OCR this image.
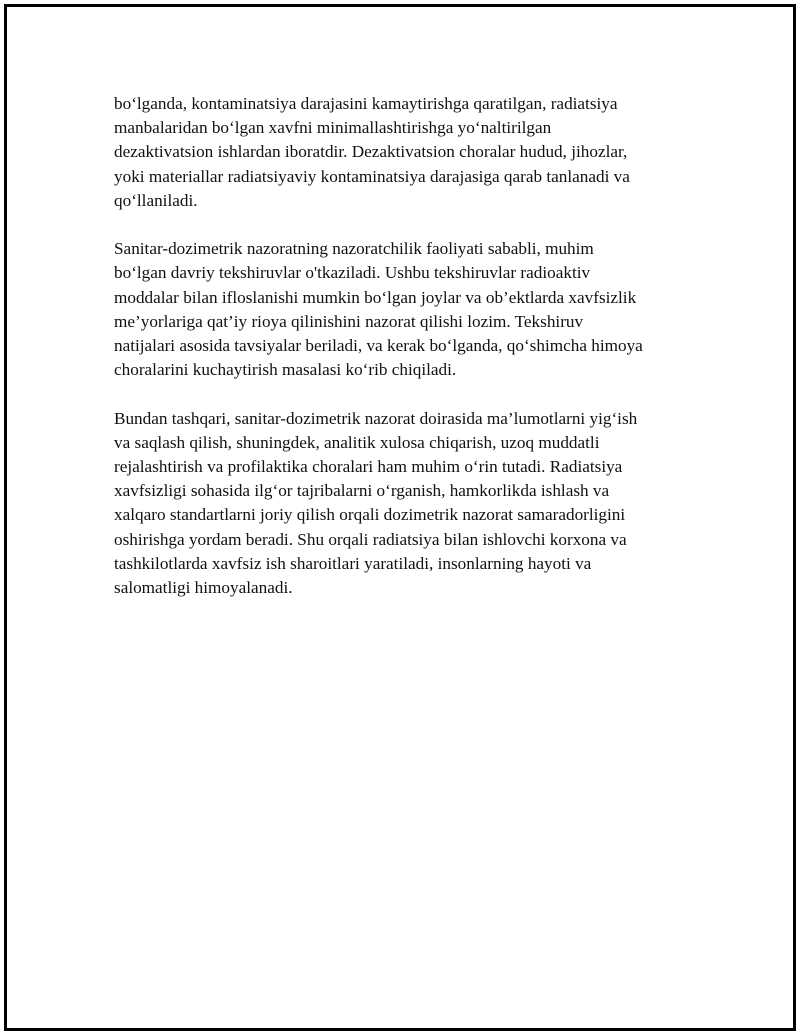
bo‘lganda, kontaminatsiya darajasini kamaytirishga qaratilgan, radiatsiya
manbalaridan bo‘lgan xavfni minimallashtirishga yo‘naltirilgan
dezaktivatsion ishlardan iboratdir. Dezaktivatsion choralar hudud, jihozlar,
yoki materiallar radiatsiyaviy kontaminatsiya darajasiga qarab tanlanadi va
qo‘llaniladi.

Sanitar-dozimetrik nazoratning nazoratchilik faoliyati sababli, muhim
bo‘lgan davriy tekshiruvlar o'tkaziladi. Ushbu tekshiruvlar radioaktiv
moddalar bilan ifloslanishi mumkin bo‘lgan joylar va ob’ektlarda xavfsizlik
me’yorlariga qat’iy rioya qilinishini nazorat qilishi lozim. Tekshiruv
natijalari asosida tavsiyalar beriladi, va kerak bo‘lganda, qo‘shimcha himoya
choralarini kuchaytirish masalasi ko‘rib chiqiladi.

Bundan tashqari, sanitar-dozimetrik nazorat doirasida ma’lumotlarni yig‘ish
va saqlash qilish, shuningdek, analitik xulosa chiqarish, uzoq muddatli
rejalashtirish va profilaktika choralari ham muhim o‘rin tutadi. Radiatsiya
xavfsizligi sohasida ilg‘or tajribalarni o‘rganish, hamkorlikda ishlash va
xalqaro standartlarni joriy qilish orqali dozimetrik nazorat samaradorligini
oshirishga yordam beradi. Shu orqali radiatsiya bilan ishlovchi korxona va
tashkilotlarda xavfsiz ish sharoitlari yaratiladi, insonlarning hayoti va
salomatligi himoyalanadi.
